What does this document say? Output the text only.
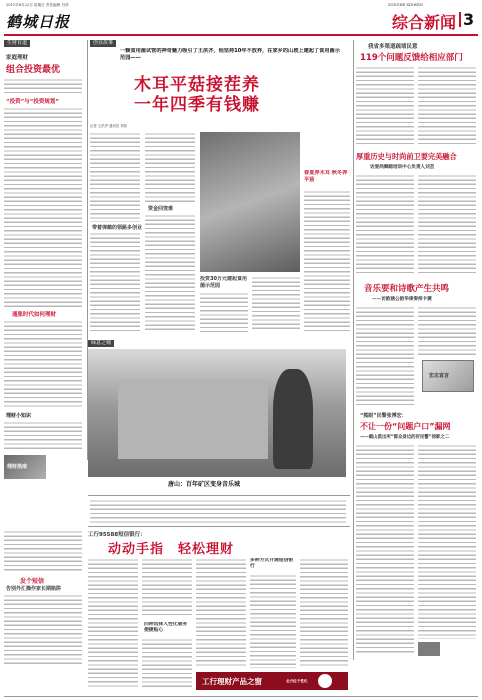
2011年8月22日 星期日 责任编辑 吕萍
鹤城日报
ZONGHE XINWEN
综合新闻 3
生财有道
家庭理财
组合投资最优
“投资”与“投资规划”
通胀时代如何理财
理财小知识
理财指南
创业故事
一颗食用菌试管的神奇魅力吸引了王洪齐，他坚持10年不放弃，在家乡的山坡上建起了食用菌示范园——
木耳平菇接茬养
一年四季有钱赚
记者 王洪齐 通讯员 刘伟
资金回笼难
带着弹鹤的领路多创业
投资30万元建起食用菌示范园
春夏养木耳 秋冬养平菇
绿意之城
唐山：百年矿区变身音乐城
我省多渠道疏堵民意
119个问题反馈给相应部门
厚重历史与时尚前卫要完美融合
访爱尚舞踏培训中心负责人刘芸
音乐要和诗歌产生共鸣
——访韵涵公韵华律奏师卡捷
宏志宣言
“熊眼”民警张博宏：
不让一份“问题户口”漏网
——鹤山派出所“群众身边的好民警”掠影之二
发个短信
告别外汇操作家长期陷阱
工行95588短信银行：
动动手指　轻松理财
四种选择人性化服务便捷贴心
多种方式开通短信银行
工行理财产品之窗	全方位个性化
